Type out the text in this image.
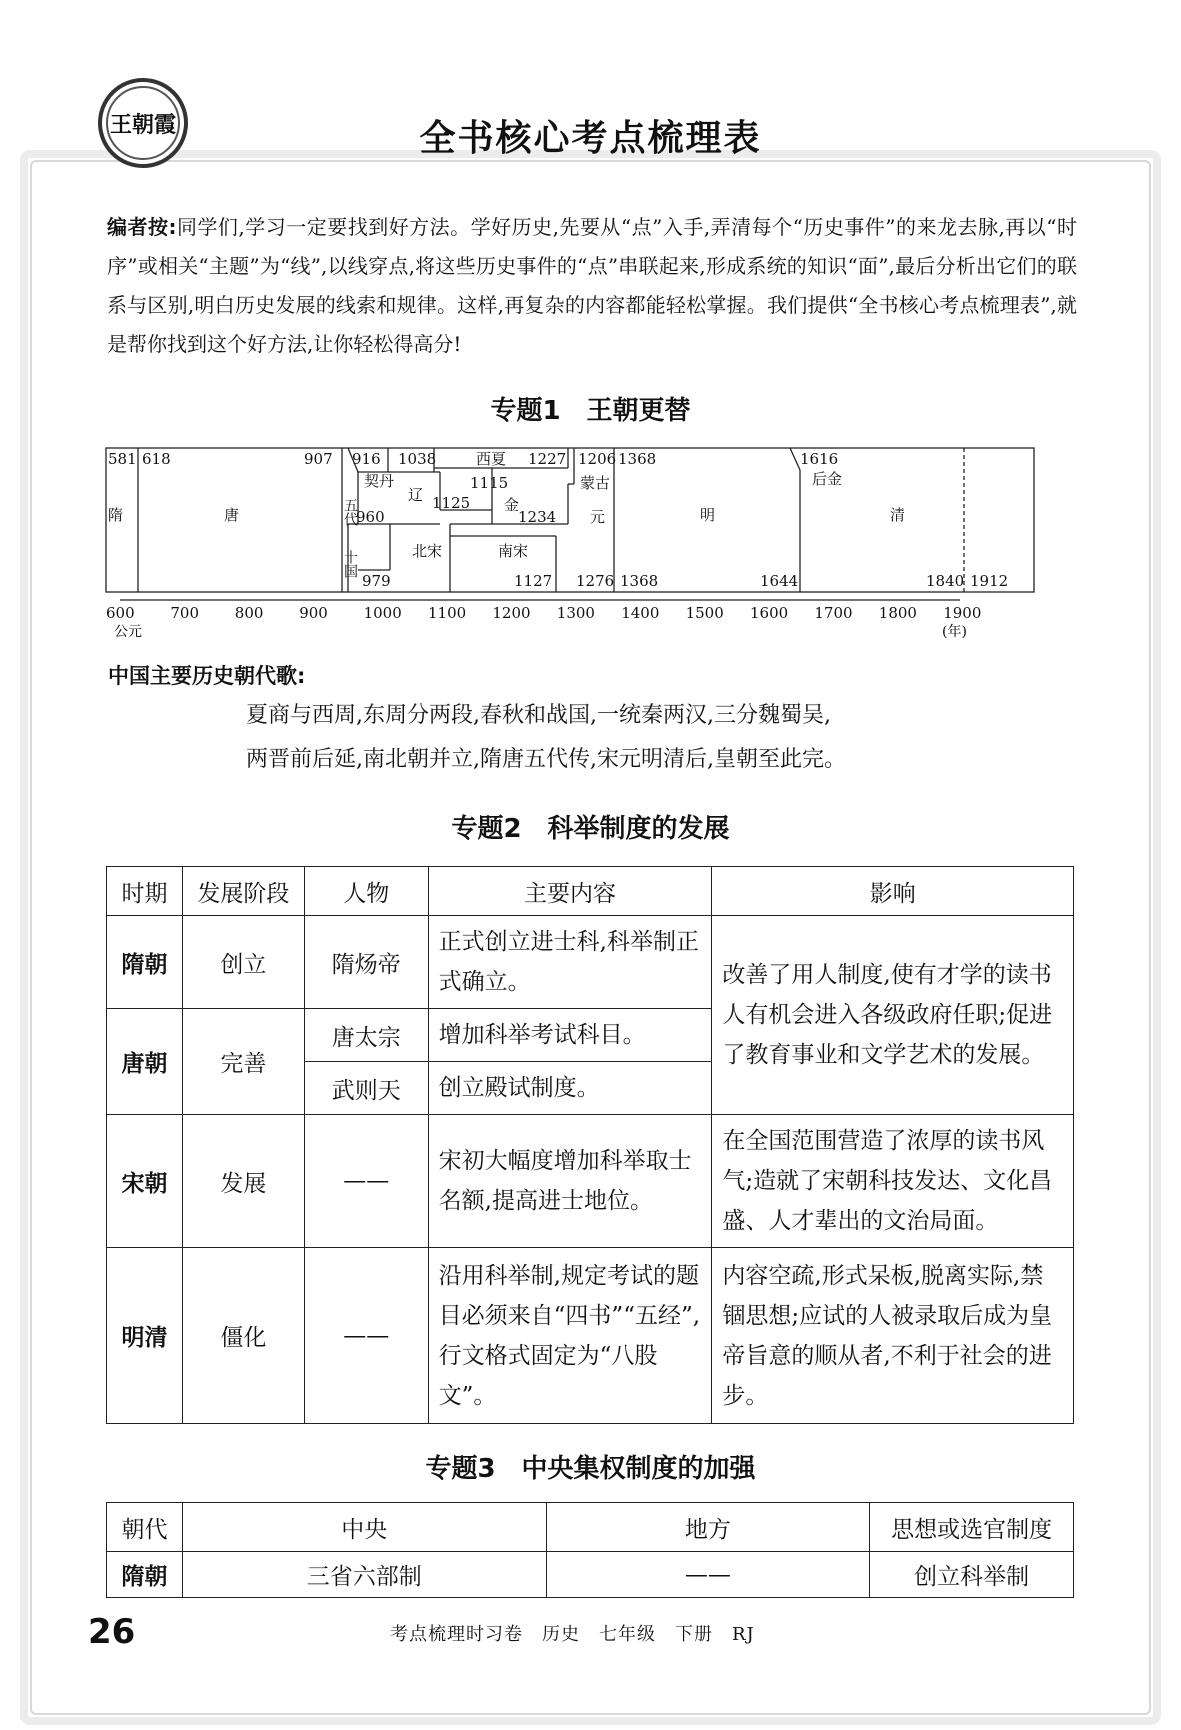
王朝霞	全书核心考点梳理表
编者按:同学们,学习一定要找到好方法。学好历史,先要从“点”入手,弄清每个“历史事件”的来龙去脉,再以“时序”或相关“主题”为“线”,以线穿点,将这些历史事件的“点”串联起来,形成系统的知识“面”,最后分析出它们的联系与区别,明白历史发展的线索和规律。这样,再复杂的内容都能轻松掌握。我们提供“全书核心考点梳理表”,就是帮你找到这个好方法,让你轻松得高分!
专题1　王朝更替
581 618	907 916 1038	1227 1206 1368	1616
979	1127 1276 1368	1644	1840 1912
隋	唐	五代
十国
契丹
辽 1125
西夏
1115
金
1234
蒙古
元
960
北宋	南宋
明
后金
清
600 700 800 900 1000 1100 1200 1300 1400 1500 1600 1700 1800 1900
公元	(年)
中国主要历史朝代歌:
夏商与西周,东周分两段,春秋和战国,一统秦两汉,三分魏蜀吴,
两晋前后延,南北朝并立,隋唐五代传,宋元明清后,皇朝至此完。
专题2　科举制度的发展
时期	发展阶段	人物	主要内容	影响
隋朝	创立	隋炀帝	正式创立进士科,科举制正式确立。	改善了用人制度,使有才学的读书人有机会进入各级政府任职;促进了教育事业和文学艺术的发展。
唐朝	完善	唐太宗	增加科举考试科目。	
		武则天	创立殿试制度。	
宋朝	发展	——	宋初大幅度增加科举取士名额,提高进士地位。	在全国范围营造了浓厚的读书风气;造就了宋朝科技发达、文化昌盛、人才辈出的文治局面。
明清	僵化	——	沿用科举制,规定考试的题目必须来自“四书”“五经”,行文格式固定为“八股文”。	内容空疏,形式呆板,脱离实际,禁锢思想;应试的人被录取后成为皇帝旨意的顺从者,不利于社会的进步。
专题3　中央集权制度的加强
朝代	中央	地方	思想或选官制度
隋朝	三省六部制	——	创立科举制
26	考点梳理时习卷　历史　七年级　下册　RJ
